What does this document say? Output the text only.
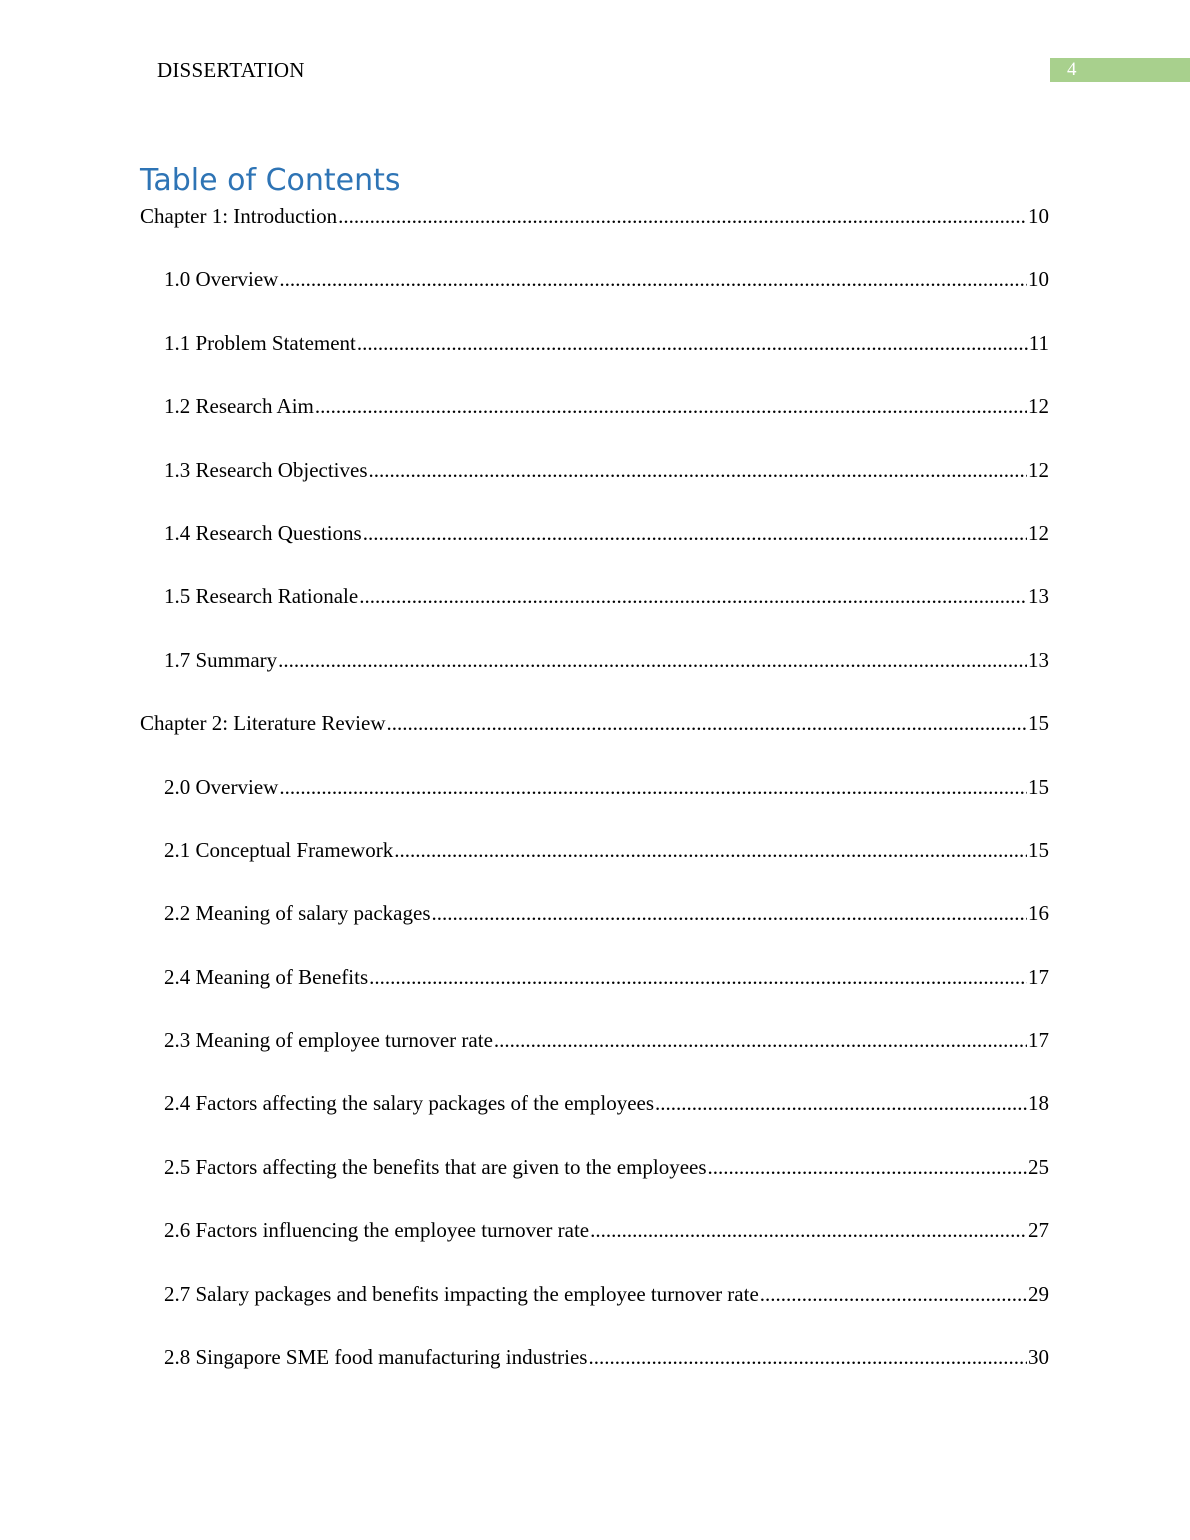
DISSERTATION	4
Table of Contents
Chapter 1: Introduction .....	10
1.0 Overview .....	10
1.1 Problem Statement .....	11
1.2 Research Aim .....	12
1.3 Research Objectives .....	12
1.4 Research Questions .....	12
1.5 Research Rationale .....	13
1.7 Summary .....	13
Chapter 2: Literature Review .....	15
2.0 Overview .....	15
2.1 Conceptual Framework .....	15
2.2 Meaning of salary packages .....	16
2.4 Meaning of Benefits .....	17
2.3 Meaning of employee turnover rate .....	17
2.4 Factors affecting the salary packages of the employees .....	18
2.5 Factors affecting the benefits that are given to the employees .....	25
2.6 Factors influencing the employee turnover rate .....	27
2.7 Salary packages and benefits impacting the employee turnover rate .....	29
2.8 Singapore SME food manufacturing industries .....	30
